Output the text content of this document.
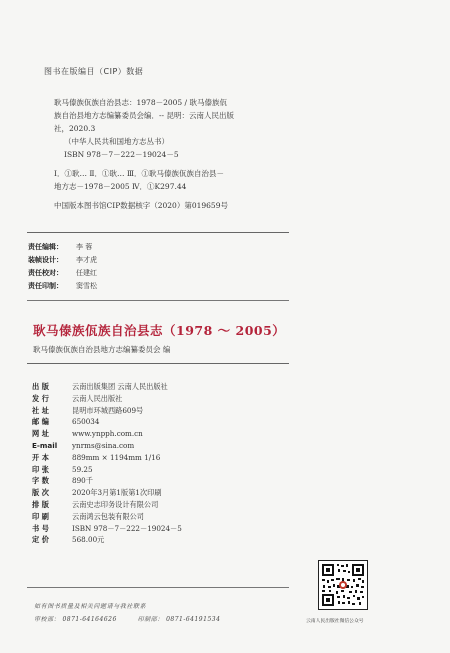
图书在版编目（CIP）数据
耿马傣族佤族自治县志：1978－2005 / 耿马傣族佤
族自治县地方志编纂委员会编．-- 昆明：云南人民出版
社，2020.3
（中华人民共和国地方志丛书）
ISBN 978－7－222－19024－5
Ⅰ．①耿… Ⅱ．①耿… Ⅲ．①耿马傣族佤族自治县－
地方志－1978－2005 Ⅳ．①K297.44
中国版本图书馆CIP数据核字（2020）第019659号
责任编辑：	李 蓉
装帧设计：	李才虎
责任校对：	任建红
责任印制：	窦雪松
耿马傣族佤族自治县志（1978 ～ 2005）
耿马傣族佤族自治县地方志编纂委员会 编
出 版	云南出版集团 云南人民出版社
发 行	云南人民出版社
社 址	昆明市环城西路609号
邮 编	650034
网 址	www.ynpph.com.cn
E-mail	ynrms@sina.com
开 本	889mm × 1194mm 1/16
印 张	59.25
字 数	890千
版 次	2020年3月第1版第1次印刷
排 版	云南史志印务设计有限公司
印 刷	云南鸿云包装有限公司
书 号	ISBN 978－7－222－19024－5
定 价	568.00元
如有图书质量及相关问题请与我社联系
审校部： 0871-64164626	印制部： 0871-64191534	云南人民出版社微信公众号
